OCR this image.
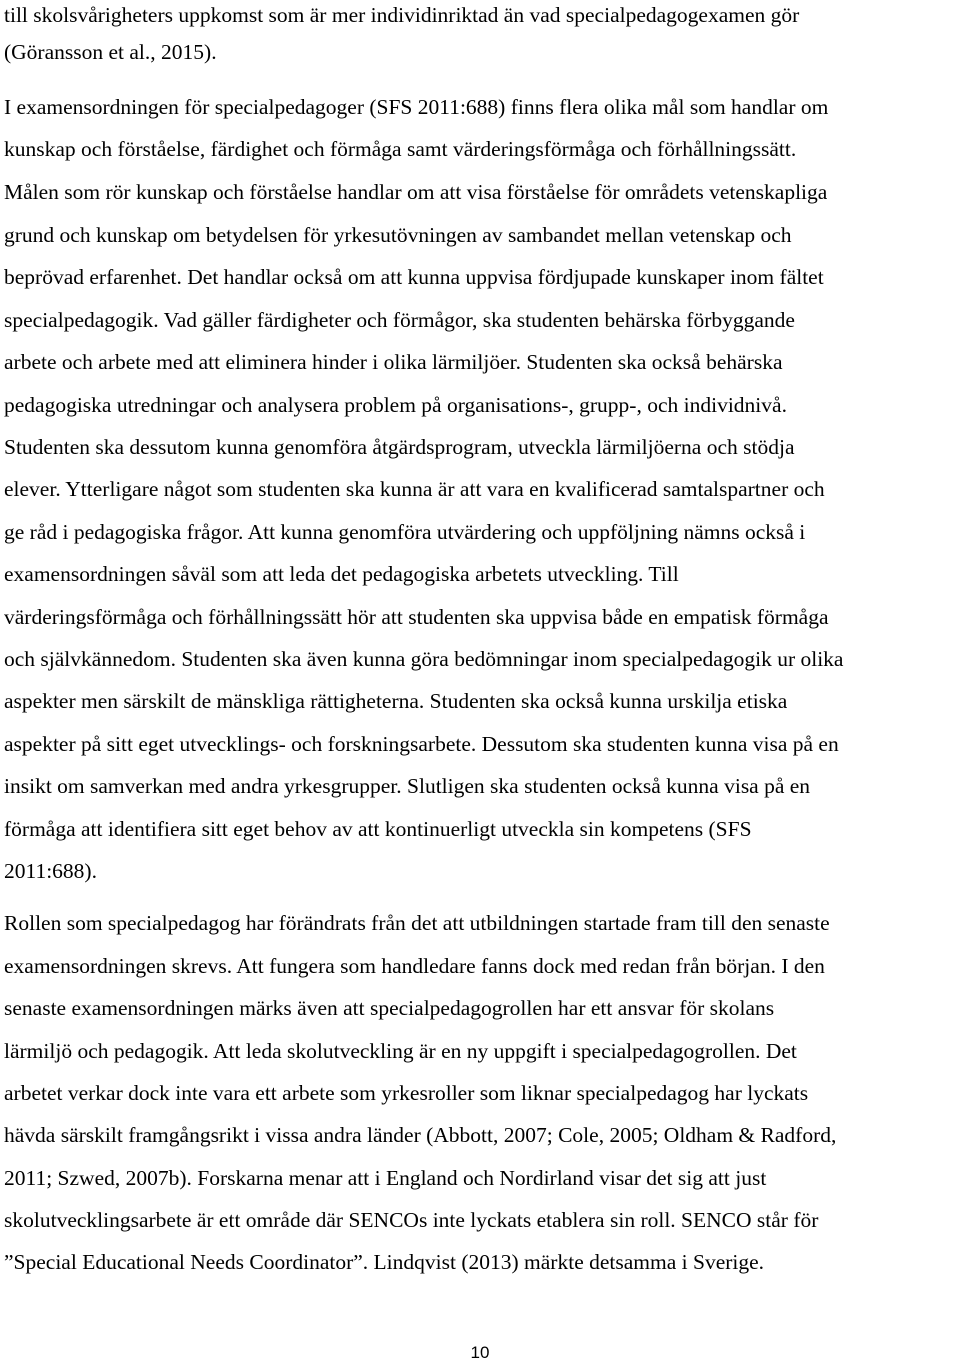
till skolsvårigheters uppkomst som är mer individinriktad än vad specialpedagogexamen gör

(Göransson et al., 2015).

I examensordningen för specialpedagoger (SFS 2011:688) finns flera olika mål som handlar om

kunskap och förståelse, färdighet och förmåga samt värderingsförmåga och förhållningssätt.

Målen som rör kunskap och förståelse handlar om att visa förståelse för områdets vetenskapliga

grund och kunskap om betydelsen för yrkesutövningen av sambandet mellan vetenskap och

beprövad erfarenhet. Det handlar också om att kunna uppvisa fördjupade kunskaper inom fältet

specialpedagogik. Vad gäller färdigheter och förmågor, ska studenten behärska förbyggande

arbete och arbete med att eliminera hinder i olika lärmiljöer. Studenten ska också behärska

pedagogiska utredningar och analysera problem på organisations-, grupp-, och individnivå.

Studenten ska dessutom kunna genomföra åtgärdsprogram, utveckla lärmiljöerna och stödja

elever. Ytterligare något som studenten ska kunna är att vara en kvalificerad samtalspartner och

ge råd i pedagogiska frågor. Att kunna genomföra utvärdering och uppföljning nämns också i

examensordningen såväl som att leda det pedagogiska arbetets utveckling. Till

värderingsförmåga och förhållningssätt hör att studenten ska uppvisa både en empatisk förmåga

och självkännedom. Studenten ska även kunna göra bedömningar inom specialpedagogik ur olika

aspekter men särskilt de mänskliga rättigheterna. Studenten ska också kunna urskilja etiska

aspekter på sitt eget utvecklings- och forskningsarbete. Dessutom ska studenten kunna visa på en

insikt om samverkan med andra yrkesgrupper. Slutligen ska studenten också kunna visa på en

förmåga att identifiera sitt eget behov av att kontinuerligt utveckla sin kompetens (SFS

2011:688).

Rollen som specialpedagog har förändrats från det att utbildningen startade fram till den senaste

examensordningen skrevs. Att fungera som handledare fanns dock med redan från början. I den

senaste examensordningen märks även att specialpedagogrollen har ett ansvar för skolans

lärmiljö och pedagogik. Att leda skolutveckling är en ny uppgift i specialpedagogrollen. Det

arbetet verkar dock inte vara ett arbete som yrkesroller som liknar specialpedagog har lyckats

hävda särskilt framgångsrikt i vissa andra länder (Abbott, 2007; Cole, 2005; Oldham & Radford,

2011; Szwed, 2007b). Forskarna menar att i England och Nordirland visar det sig att just

skolutvecklingsarbete är ett område där SENCOs inte lyckats etablera sin roll. SENCO står för

”Special Educational Needs Coordinator”. Lindqvist (2013) märkte detsamma i Sverige.

10
